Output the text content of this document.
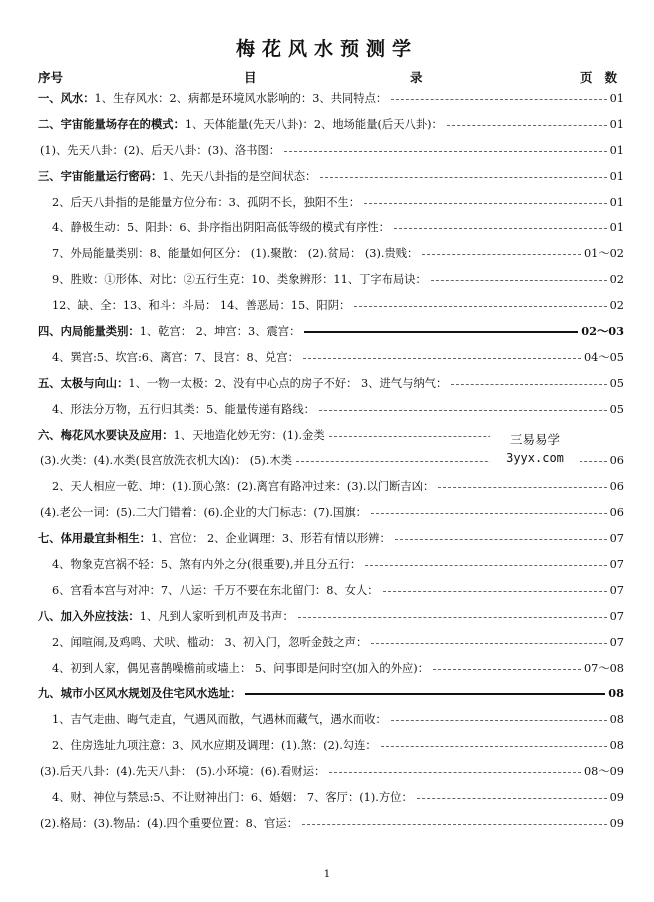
梅花风水预测学
序号	目	录	页数
一、风水：1、生存风水：2、病都是环境风水影响的：3、共同特点：	01
二、宇宙能量场存在的模式：1、天体能量(先天八卦)：2、地场能量(后天八卦)：	01
(1)、先天八卦：(2)、后天八卦：(3)、洛书图：	01
三、宇宙能量运行密码：1、先天八卦指的是空间状态：	01
2、后天八卦指的是能量方位分布：3、孤阴不长，独阳不生：	01
4、静极生动：5、阳卦：6、卦序指出阴阳高低等级的模式有序性：	01
7、外局能量类别：8、能量如何区分： (1).聚散： (2).贫局： (3).贵贱：	01～02
9、胜败：①形体、对比：②五行生克：10、类象辨形：11、丁字布局诀：	02
12、缺、全：13、和斗：斗局： 14、善恶局：15、阳阴：	02
四、内局能量类别：1、乾宫： 2、坤宫：3、震宫：	02～03
4、巽宫:5、坎宫:6、离宫：7、艮宫：8、兑宫：	04～05
五、太极与向山：1、一物一太极：2、没有中心点的房子不好： 3、进气与纳气：	05
4、形法分万物，五行归其类：5、能量传递有路线：	05
六、梅花风水要诀及应用：1、天地造化妙无穷：(1).金类
(3).火类：(4).水类(艮宫放洗衣机大凶)： (5).木类	06
2、天人相应一乾、坤：(1).顶心煞：(2).离宫有路冲过来：(3).以门断吉凶：	06
(4).老公一词：(5).二大门错着：(6).企业的大门标志：(7).国旗：	06
七、体用最宜卦相生：1、宫位： 2、企业调理：3、形若有情以形辨：	07
4、物象克宫祸不轻：5、煞有内外之分(很重要),并且分五行：	07
6、宫看本宫与对冲：7、八运：千万不要在东北留门：8、女人：	07
八、加入外应技法：1、凡到人家听到机声及书声：	07
2、闻喧闹,及鸡鸣、犬吠、槛动： 3、初入门，忽听金鼓之声：	07
4、初到人家，偶见喜鹊噪檐前或墙上： 5、问事即是问时空(加入的外应)：	07～08
九、城市小区风水规划及住宅风水选址：	08
1、吉气走曲、晦气走直，气遇风而散，气遇林而藏气，遇水而收：	08
2、住房选址九项注意：3、风水应期及调理：(1).煞：(2).勾连：	08
(3).后天八卦：(4).先天八卦： (5).小环境：(6).看财运：	08～09
4、财、神位与禁忌:5、不让财神出门：6、婚姻： 7、客厅：(1).方位：	09
(2).格局：(3).物品：(4).四个重要位置：8、官运：	09
三易易学
3yyx.com
1
